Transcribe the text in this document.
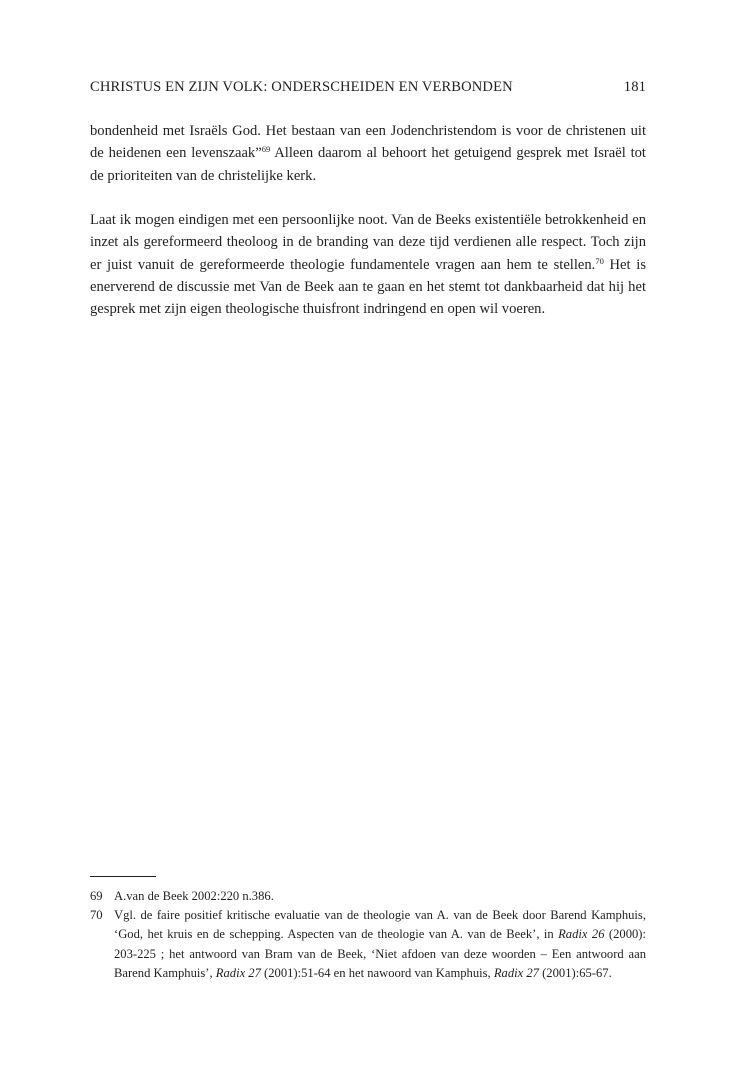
CHRISTUS EN ZIJN VOLK: ONDERSCHEIDEN EN VERBONDEN	181

bondenheid met Israëls God. Het bestaan van een Jodenchristendom is voor de christenen uit de heidenen een levenszaak”$^{69}$ Alleen daarom al behoort het getuigend gesprek met Israël tot de prioriteiten van de christelijke kerk.

Laat ik mogen eindigen met een persoonlijke noot. Van de Beeks existentiële betrokkenheid en inzet als gereformeerd theoloog in de branding van deze tijd verdienen alle respect. Toch zijn er juist vanuit de gereformeerde theologie fundamentele vragen aan hem te stellen.$^{70}$ Het is enerverend de discussie met Van de Beek aan te gaan en het stemt tot dankbaarheid dat hij het gesprek met zijn eigen theologische thuisfront indringend en open wil voeren.

69 A.van de Beek 2002:220 n.386.
70 Vgl. de faire positief kritische evaluatie van de theologie van A. van de Beek door Barend Kamphuis, ‘God, het kruis en de schepping. Aspecten van de theologie van A. van de Beek’, in Radix 26 (2000): 203-225 ; het antwoord van Bram van de Beek, ‘Niet afdoen van deze woorden – Een antwoord aan Barend Kamphuis’, Radix 27 (2001):51-64 en het nawoord van Kamphuis, Radix 27 (2001):65-67.
